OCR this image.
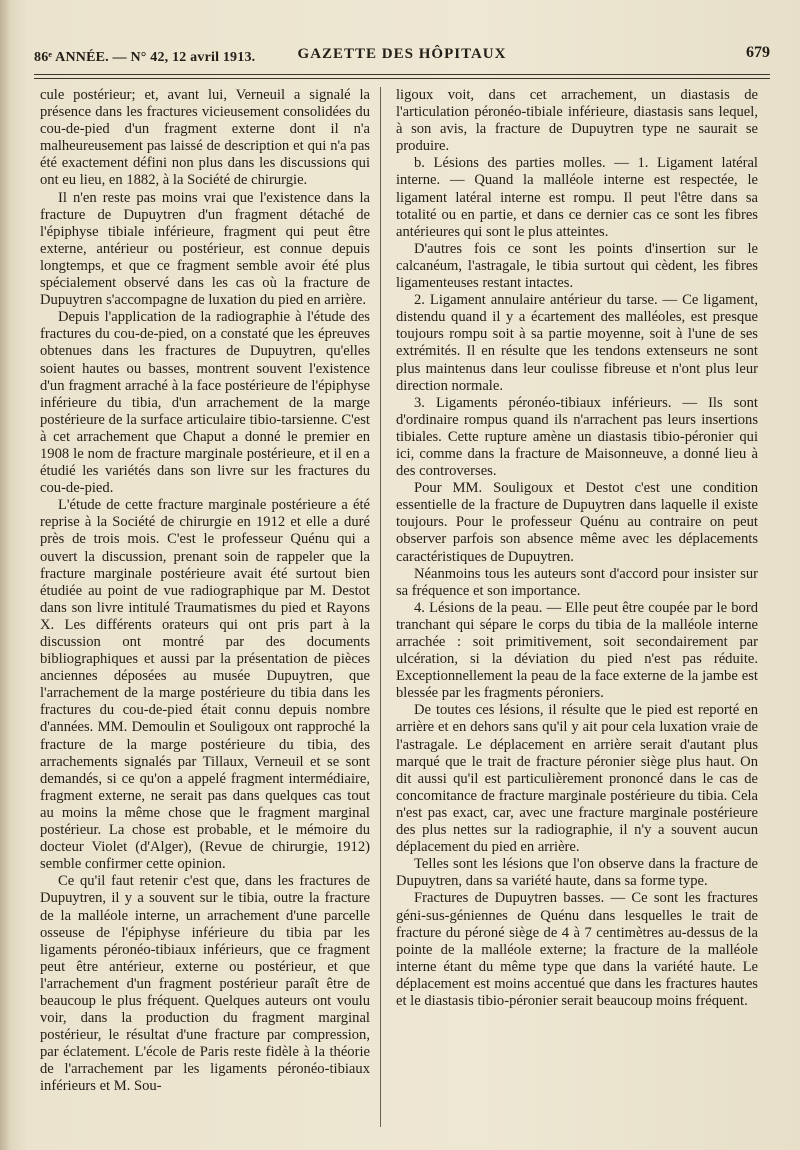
86ᵉ ANNÉE. — N° 42, 12 avril 1913.	GAZETTE DES HÔPITAUX	679

cule postérieur; et, avant lui, Verneuil a signalé la présence dans les fractures vicieusement consolidées du cou-de-pied d'un fragment externe dont il n'a malheureusement pas laissé de description et qui n'a pas été exactement défini non plus dans les discussions qui ont eu lieu, en 1882, à la Société de chirurgie.

Il n'en reste pas moins vrai que l'existence dans la fracture de Dupuytren d'un fragment détaché de l'épiphyse tibiale inférieure, fragment qui peut être externe, antérieur ou postérieur, est connue depuis longtemps, et que ce fragment semble avoir été plus spécialement observé dans les cas où la fracture de Dupuytren s'accompagne de luxation du pied en arrière.

Depuis l'application de la radiographie à l'étude des fractures du cou-de-pied, on a constaté que les épreuves obtenues dans les fractures de Dupuytren, qu'elles soient hautes ou basses, montrent souvent l'existence d'un fragment arraché à la face postérieure de l'épiphyse inférieure du tibia, d'un arrachement de la marge postérieure de la surface articulaire tibio-tarsienne. C'est à cet arrachement que Chaput a donné le premier en 1908 le nom de fracture marginale postérieure, et il en a étudié les variétés dans son livre sur les fractures du cou-de-pied.

L'étude de cette fracture marginale postérieure a été reprise à la Société de chirurgie en 1912 et elle a duré près de trois mois. C'est le professeur Quénu qui a ouvert la discussion, prenant soin de rappeler que la fracture marginale postérieure avait été surtout bien étudiée au point de vue radiographique par M. Destot dans son livre intitulé Traumatismes du pied et Rayons X. Les différents orateurs qui ont pris part à la discussion ont montré par des documents bibliographiques et aussi par la présentation de pièces anciennes déposées au musée Dupuytren, que l'arrachement de la marge postérieure du tibia dans les fractures du cou-de-pied était connu depuis nombre d'années. MM. Demoulin et Souligoux ont rapproché la fracture de la marge postérieure du tibia, des arrachements signalés par Tillaux, Verneuil et se sont demandés, si ce qu'on a appelé fragment intermédiaire, fragment externe, ne serait pas dans quelques cas tout au moins la même chose que le fragment marginal postérieur. La chose est probable, et le mémoire du docteur Violet (d'Alger), (Revue de chirurgie, 1912) semble confirmer cette opinion.

Ce qu'il faut retenir c'est que, dans les fractures de Dupuytren, il y a souvent sur le tibia, outre la fracture de la malléole interne, un arrachement d'une parcelle osseuse de l'épiphyse inférieure du tibia par les ligaments péronéo-tibiaux inférieurs, que ce fragment peut être antérieur, externe ou postérieur, et que l'arrachement d'un fragment postérieur paraît être de beaucoup le plus fréquent. Quelques auteurs ont voulu voir, dans la production du fragment marginal postérieur, le résultat d'une fracture par compression, par éclatement. L'école de Paris reste fidèle à la théorie de l'arrachement par les ligaments péronéo-tibiaux inférieurs et M. Sou-

ligoux voit, dans cet arrachement, un diastasis de l'articulation péronéo-tibiale inférieure, diastasis sans lequel, à son avis, la fracture de Dupuytren type ne saurait se produire.

b. Lésions des parties molles. — 1. Ligament latéral interne. — Quand la malléole interne est respectée, le ligament latéral interne est rompu. Il peut l'être dans sa totalité ou en partie, et dans ce dernier cas ce sont les fibres antérieures qui sont le plus atteintes.

D'autres fois ce sont les points d'insertion sur le calcanéum, l'astragale, le tibia surtout qui cèdent, les fibres ligamenteuses restant intactes.

2. Ligament annulaire antérieur du tarse. — Ce ligament, distendu quand il y a écartement des malléoles, est presque toujours rompu soit à sa partie moyenne, soit à l'une de ses extrémités. Il en résulte que les tendons extenseurs ne sont plus maintenus dans leur coulisse fibreuse et n'ont plus leur direction normale.

3. Ligaments péronéo-tibiaux inférieurs. — Ils sont d'ordinaire rompus quand ils n'arrachent pas leurs insertions tibiales. Cette rupture amène un diastasis tibio-péronier qui ici, comme dans la fracture de Maisonneuve, a donné lieu à des controverses.

Pour MM. Souligoux et Destot c'est une condition essentielle de la fracture de Dupuytren dans laquelle il existe toujours. Pour le professeur Quénu au contraire on peut observer parfois son absence même avec les déplacements caractéristiques de Dupuytren.

Néanmoins tous les auteurs sont d'accord pour insister sur sa fréquence et son importance.

4. Lésions de la peau. — Elle peut être coupée par le bord tranchant qui sépare le corps du tibia de la malléole interne arrachée : soit primitivement, soit secondairement par ulcération, si la déviation du pied n'est pas réduite. Exceptionnellement la peau de la face externe de la jambe est blessée par les fragments péroniers.

De toutes ces lésions, il résulte que le pied est reporté en arrière et en dehors sans qu'il y ait pour cela luxation vraie de l'astragale. Le déplacement en arrière serait d'autant plus marqué que le trait de fracture péronier siège plus haut. On dit aussi qu'il est particulièrement prononcé dans le cas de concomitance de fracture marginale postérieure du tibia. Cela n'est pas exact, car, avec une fracture marginale postérieure des plus nettes sur la radiographie, il n'y a souvent aucun déplacement du pied en arrière.

Telles sont les lésions que l'on observe dans la fracture de Dupuytren, dans sa variété haute, dans sa forme type.

Fractures de Dupuytren basses. — Ce sont les fractures géni-sus-géniennes de Quénu dans lesquelles le trait de fracture du péroné siège de 4 à 7 centimètres au-dessus de la pointe de la malléole externe; la fracture de la malléole interne étant du même type que dans la variété haute. Le déplacement est moins accentué que dans les fractures hautes et le diastasis tibio-péronier serait beaucoup moins fréquent.
